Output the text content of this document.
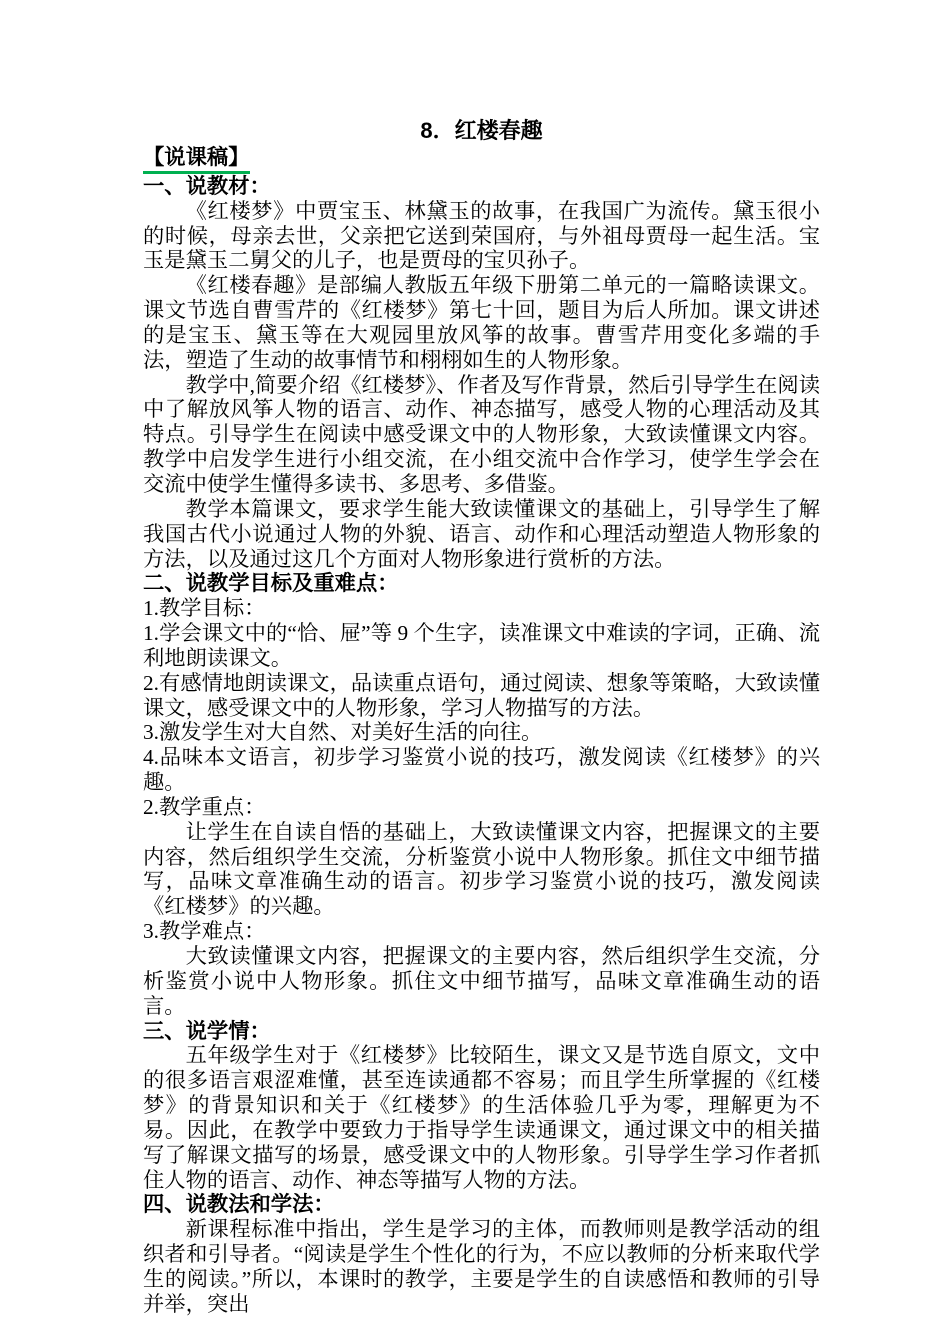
8．红楼春趣
【说课稿】
一、说教材：
《红楼梦》中贾宝玉、林黛玉的故事，在我国广为流传。黛玉很小的时候，母亲去世，父亲把它送到荣国府，与外祖母贾母一起生活。宝玉是黛玉二舅父的儿子，也是贾母的宝贝孙子。
《红楼春趣》是部编人教版五年级下册第二单元的一篇略读课文。课文节选自曹雪芹的《红楼梦》第七十回，题目为后人所加。课文讲述的是宝玉、黛玉等在大观园里放风筝的故事。曹雪芹用变化多端的手法，塑造了生动的故事情节和栩栩如生的人物形象。
教学中,简要介绍《红楼梦》、作者及写作背景，然后引导学生在阅读中了解放风筝人物的语言、动作、神态描写，感受人物的心理活动及其特点。引导学生在阅读中感受课文中的人物形象，大致读懂课文内容。教学中启发学生进行小组交流，在小组交流中合作学习，使学生学会在交流中使学生懂得多读书、多思考、多借鉴。
教学本篇课文，要求学生能大致读懂课文的基础上，引导学生了解我国古代小说通过人物的外貌、语言、动作和心理活动塑造人物形象的方法，以及通过这几个方面对人物形象进行赏析的方法。
二、说教学目标及重难点：
1.教学目标：
1.学会课文中的“恰、屉”等 9 个生字，读准课文中难读的字词，正确、流利地朗读课文。
2.有感情地朗读课文，品读重点语句，通过阅读、想象等策略，大致读懂课文，感受课文中的人物形象，学习人物描写的方法。
3.激发学生对大自然、对美好生活的向往。
4.品味本文语言，初步学习鉴赏小说的技巧，激发阅读《红楼梦》的兴趣。
2.教学重点：
让学生在自读自悟的基础上，大致读懂课文内容，把握课文的主要内容，然后组织学生交流，分析鉴赏小说中人物形象。抓住文中细节描写，品味文章准确生动的语言。初步学习鉴赏小说的技巧，激发阅读《红楼梦》的兴趣。
3.教学难点：
大致读懂课文内容，把握课文的主要内容，然后组织学生交流，分析鉴赏小说中人物形象。抓住文中细节描写，品味文章准确生动的语言。
三、说学情：
五年级学生对于《红楼梦》比较陌生，课文又是节选自原文，文中的很多语言艰涩难懂，甚至连读通都不容易；而且学生所掌握的《红楼梦》的背景知识和关于《红楼梦》的生活体验几乎为零，理解更为不易。因此，在教学中要致力于指导学生读通课文，通过课文中的相关描写了解课文描写的场景，感受课文中的人物形象。引导学生学习作者抓住人物的语言、动作、神态等描写人物的方法。
四、说教法和学法：
新课程标准中指出，学生是学习的主体，而教师则是教学活动的组织者和引导者。“阅读是学生个性化的行为，不应以教师的分析来取代学生的阅读。”所以，本课时的教学，主要是学生的自读感悟和教师的引导并举，突出
